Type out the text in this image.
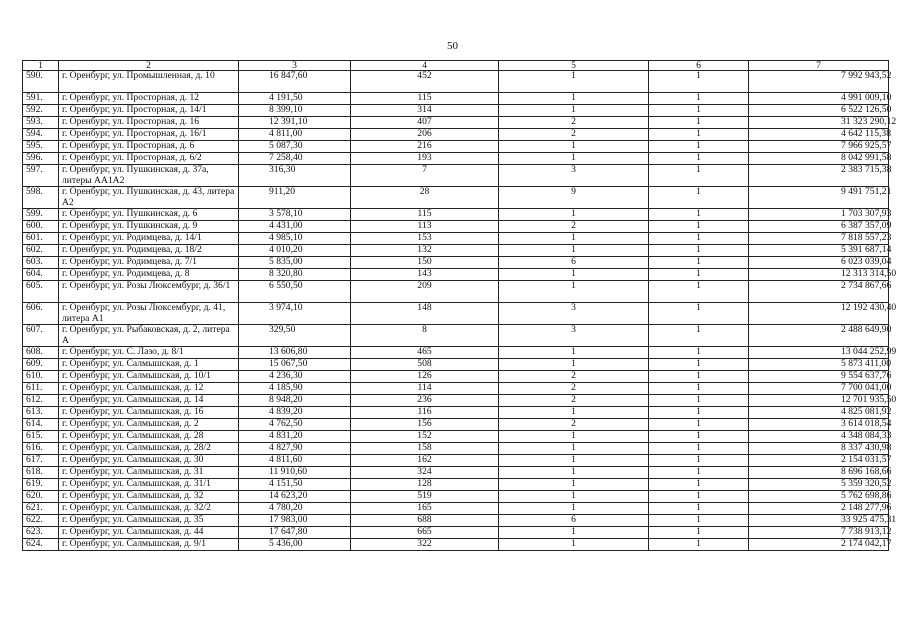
50
1	2	3	4	5	6	7
590.	г. Оренбург, ул. Промышленная, д. 10	16 847,60	452	1	1	7 992 943,52
591.	г. Оренбург, ул. Просторная, д. 12	4 191,50	115	1	1	4 991 009,10
592.	г. Оренбург, ул. Просторная, д. 14/1	8 399,10	314	1	1	6 522 126,50
593.	г. Оренбург, ул. Просторная, д. 16	12 391,10	407	2	1	31 323 290,12
594.	г. Оренбург, ул. Просторная, д. 16/1	4 811,00	206	2	1	4 642 115,38
595.	г. Оренбург, ул. Просторная, д. 6	5 087,30	216	1	1	7 966 925,57
596.	г. Оренбург, ул. Просторная, д. 6/2	7 258,40	193	1	1	8 042 991,58
597.	г. Оренбург, ул. Пушкинская, д. 37а, литеры АА1А2	316,30	7	3	1	2 383 715,38
598.	г. Оренбург, ул. Пушкинская, д. 43, литера А2	911,20	28	9	1	9 491 751,21
599.	г. Оренбург, ул. Пушкинская, д. 6	3 578,10	115	1	1	1 703 307,93
600.	г. Оренбург, ул. Пушкинская, д. 9	4 431,00	113	2	1	6 387 357,09
601.	г. Оренбург, ул. Родимцева, д. 14/1	4 985,10	153	1	1	7 818 557,23
602.	г. Оренбург, ул. Родимцева, д. 18/2	4 010,20	132	1	1	5 391 687,14
603.	г. Оренбург, ул. Родимцева, д. 7/1	5 835,00	150	6	1	6 023 039,04
604.	г. Оренбург, ул. Родимцева, д. 8	8 320,80	143	1	1	12 313 314,50
605.	г. Оренбург, ул. Розы Люксембург, д. 36/1	6 550,50	209	1	1	2 734 867,66
606.	г. Оренбург, ул. Розы Люксембург, д. 41, литера А1	3 974,10	148	3	1	12 192 430,40
607.	г. Оренбург, ул. Рыбаковская, д. 2, литера А	329,50	8	3	1	2 488 649,90
608.	г. Оренбург, ул. С. Лазо, д. 8/1	13 606,80	465	1	1	13 044 252,99
609.	г. Оренбург, ул. Салмышская, д. 1	15 067,50	508	1	1	5 873 411,00
610.	г. Оренбург, ул. Салмышская, д. 10/1	4 236,30	126	2	1	9 554 637,76
611.	г. Оренбург, ул. Салмышская, д. 12	4 185,90	114	2	1	7 700 041,00
612.	г. Оренбург, ул. Салмышская, д. 14	8 948,20	236	2	1	12 701 935,50
613.	г. Оренбург, ул. Салмышская, д. 16	4 839,20	116	1	1	4 825 081,92
614.	г. Оренбург, ул. Салмышская, д. 2	4 762,50	156	2	1	3 614 018,54
615.	г. Оренбург, ул. Салмышская, д. 28	4 831,20	152	1	1	4 348 084,33
616.	г. Оренбург, ул. Салмышская, д. 28/2	4 827,90	158	1	1	8 337 430,98
617.	г. Оренбург, ул. Салмышская, д. 30	4 811,60	162	1	1	2 154 031,57
618.	г. Оренбург, ул. Салмышская, д. 31	11 910,60	324	1	1	8 696 168,66
619.	г. Оренбург, ул. Салмышская, д. 31/1	4 151,50	128	1	1	5 359 320,52
620.	г. Оренбург, ул. Салмышская, д. 32	14 623,20	519	1	1	5 762 698,86
621.	г. Оренбург, ул. Салмышская, д. 32/2	4 780,20	165	1	1	2 148 277,96
622.	г. Оренбург, ул. Салмышская, д. 35	17 983,00	688	6	1	33 925 475,31
623.	г. Оренбург, ул. Салмышская, д. 44	17 647,80	665	1	1	7 738 913,12
624.	г. Оренбург, ул. Салмышская, д. 9/1	5 436,00	322	1	1	2 174 042,17
